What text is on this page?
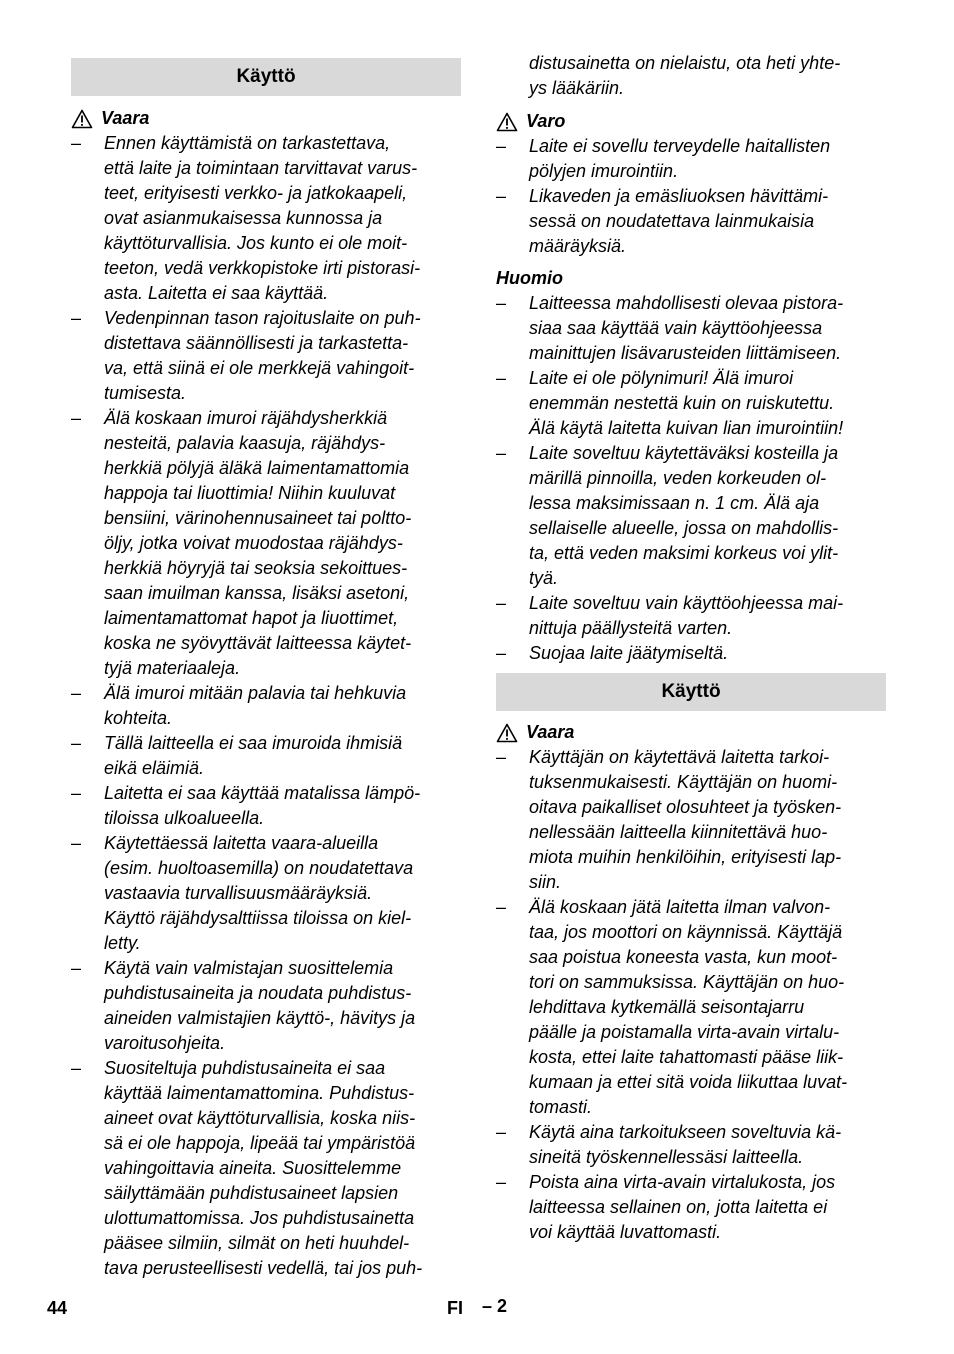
Käyttö
Vaara
– Ennen käyttämistä on tarkastettava,
että laite ja toimintaan tarvittavat varus-
teet, erityisesti verkko- ja jatkokaapeli,
ovat asianmukaisessa kunnossa ja
käyttöturvallisia. Jos kunto ei ole moit-
teeton, vedä verkkopistoke irti pistorasi-
asta. Laitetta ei saa käyttää.
– Vedenpinnan tason rajoituslaite on puh-
distettava säännöllisesti ja tarkastetta-
va, että siinä ei ole merkkejä vahingoit-
tumisesta.
– Älä koskaan imuroi räjähdysherkkiä
nesteitä, palavia kaasuja, räjähdys-
herkkiä pölyjä äläkä laimentamattomia
happoja tai liuottimia! Niihin kuuluvat
bensiini, värinohennusaineet tai poltto-
öljy, jotka voivat muodostaa räjähdys-
herkkiä höyryjä tai seoksia sekoittues-
saan imuilman kanssa, lisäksi asetoni,
laimentamattomat hapot ja liuottimet,
koska ne syövyttävät laitteessa käytet-
tyjä materiaaleja.
– Älä imuroi mitään palavia tai hehkuvia
kohteita.
– Tällä laitteella ei saa imuroida ihmisiä
eikä eläimiä.
– Laitetta ei saa käyttää matalissa lämpö-
tiloissa ulkoalueella.
– Käytettäessä laitetta vaara-alueilla
(esim. huoltoasemilla) on noudatettava
vastaavia turvallisuusmääräyksiä.
Käyttö räjähdysalttiissa tiloissa on kiel-
letty.
– Käytä vain valmistajan suosittelemia
puhdistusaineita ja noudata puhdistus-
aineiden valmistajien käyttö-, hävitys ja
varoitusohjeita.
– Suositeltuja puhdistusaineita ei saa
käyttää laimentamattomina. Puhdistus-
aineet ovat käyttöturvallisia, koska niis-
sä ei ole happoja, lipeää tai ympäristöä
vahingoittavia aineita. Suosittelemme
säilyttämään puhdistusaineet lapsien
ulottumattomissa. Jos puhdistusainetta
pääsee silmiin, silmät on heti huuhdel-
tava perusteellisesti vedellä, tai jos puh-

distusainetta on nielaistu, ota heti yhte-
ys lääkäriin.

Varo
– Laite ei sovellu terveydelle haitallisten
pölyjen imurointiin.
– Likaveden ja emäsliuoksen hävittämi-
sessä on noudatettava lainmukaisia
määräyksiä.
Huomio
– Laitteessa mahdollisesti olevaa pistora-
siaa saa käyttää vain käyttöohjeessa
mainittujen lisävarusteiden liittämiseen.
– Laite ei ole pölynimuri! Älä imuroi
enemmän nestettä kuin on ruiskutettu.
Älä käytä laitetta kuivan lian imurointiin!
– Laite soveltuu käytettäväksi kosteilla ja
märillä pinnoilla, veden korkeuden ol-
lessa maksimissaan n. 1 cm. Älä aja
sellaiselle alueelle, jossa on mahdollis-
ta, että veden maksimi korkeus voi ylit-
tyä.
– Laite soveltuu vain käyttöohjeessa mai-
nittuja päällysteitä varten.
– Suojaa laite jäätymiseltä.
Käyttö
Vaara
– Käyttäjän on käytettävä laitetta tarkoi-
tuksenmukaisesti. Käyttäjän on huomi-
oitava paikalliset olosuhteet ja työsken-
nellessään laitteella kiinnitettävä huo-
miota muihin henkilöihin, erityisesti lap-
siin.
– Älä koskaan jätä laitetta ilman valvon-
taa, jos moottori on käynnissä. Käyttäjä
saa poistua koneesta vasta, kun moot-
tori on sammuksissa. Käyttäjän on huo-
lehdittava kytkemällä seisontajarru
päälle ja poistamalla virta-avain virtalu-
kosta, ettei laite tahattomasti pääse liik-
kumaan ja ettei sitä voida liikuttaa luvat-
tomasti.
– Käytä aina tarkoitukseen soveltuvia kä-
sineitä työskennellessäsi laitteella.
– Poista aina virta-avain virtalukosta, jos
laitteessa sellainen on, jotta laitetta ei
voi käyttää luvattomasti.
44	FI – 2
